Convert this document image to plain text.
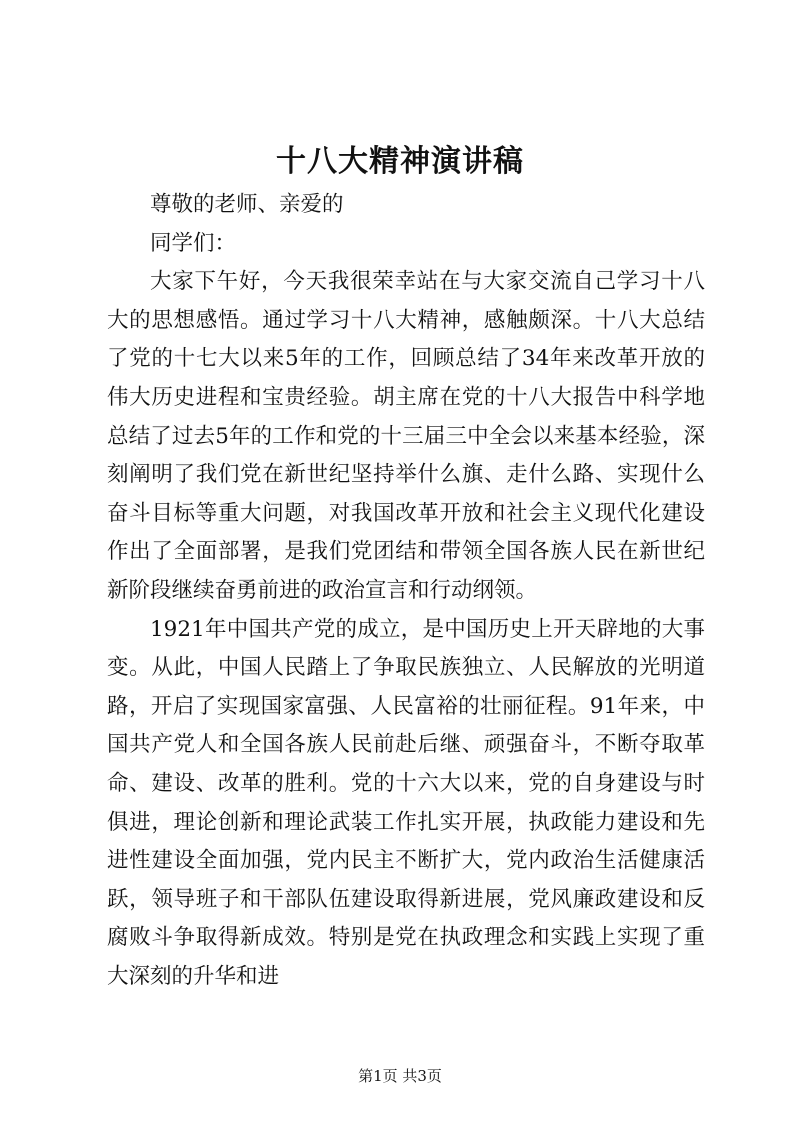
十八大精神演讲稿

尊敬的老师、亲爱的

同学们：

大家下午好，今天我很荣幸站在与大家交流自己学习十八大的思想感悟。通过学习十八大精神，感触颇深。十八大总结了党的十七大以来5年的工作，回顾总结了34年来改革开放的伟大历史进程和宝贵经验。胡主席在党的十八大报告中科学地总结了过去5年的工作和党的十三届三中全会以来基本经验，深刻阐明了我们党在新世纪坚持举什么旗、走什么路、实现什么奋斗目标等重大问题，对我国改革开放和社会主义现代化建设作出了全面部署，是我们党团结和带领全国各族人民在新世纪新阶段继续奋勇前进的政治宣言和行动纲领。

1921年中国共产党的成立，是中国历史上开天辟地的大事变。从此，中国人民踏上了争取民族独立、人民解放的光明道路，开启了实现国家富强、人民富裕的壮丽征程。91年来，中国共产党人和全国各族人民前赴后继、顽强奋斗，不断夺取革命、建设、改革的胜利。党的十六大以来，党的自身建设与时俱进，理论创新和理论武装工作扎实开展，执政能力建设和先进性建设全面加强，党内民主不断扩大，党内政治生活健康活跃，领导班子和干部队伍建设取得新进展，党风廉政建设和反腐败斗争取得新成效。特别是党在执政理念和实践上实现了重大深刻的升华和进

第1页 共3页
